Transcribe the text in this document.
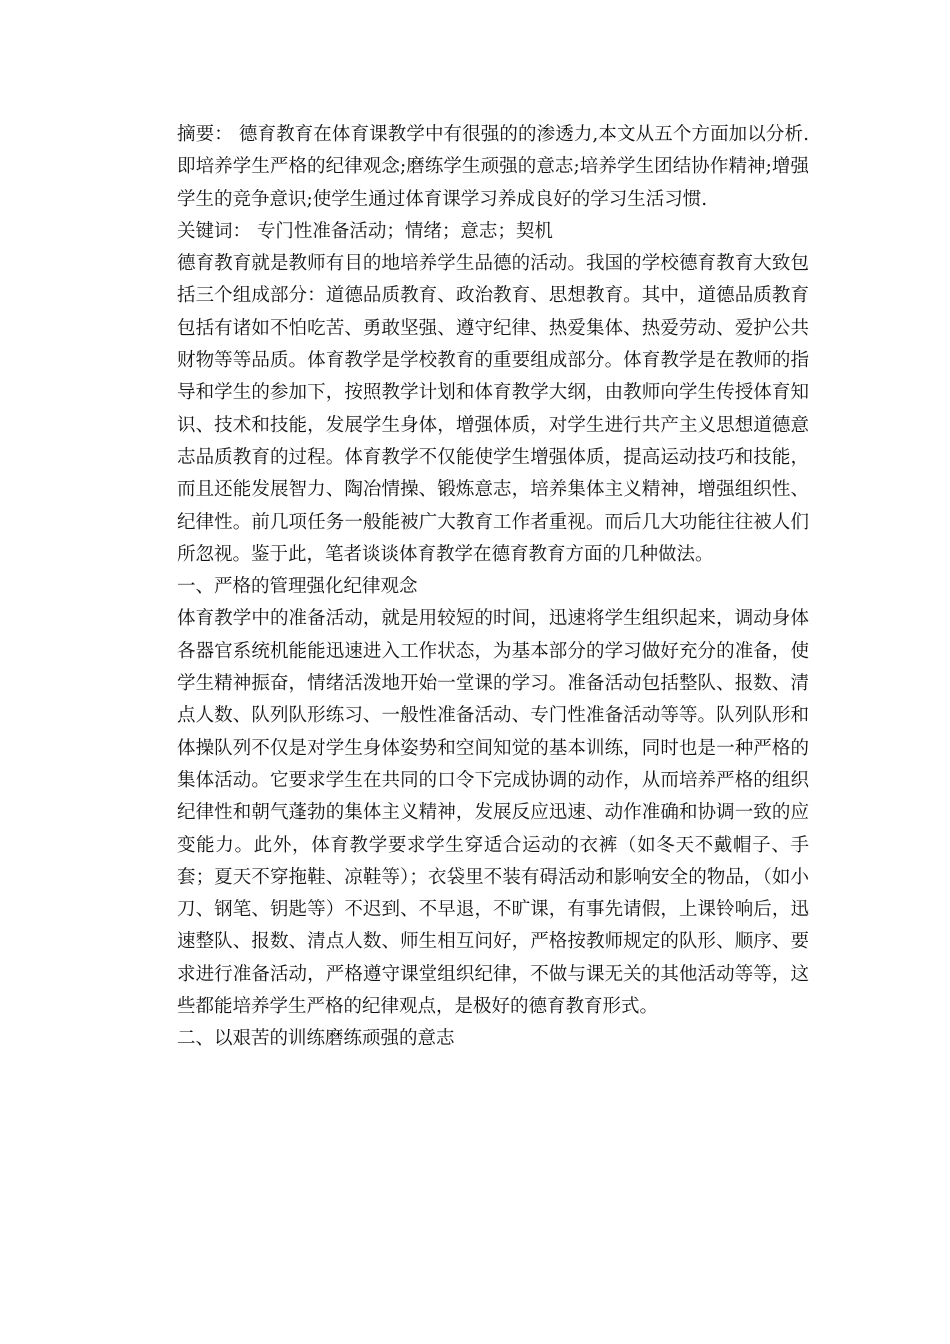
摘要： 德育教育在体育课教学中有很强的的渗透力,本文从五个方面加以分析.即培养学生严格的纪律观念;磨练学生顽强的意志;培养学生团结协作精神;增强学生的竞争意识;使学生通过体育课学习养成良好的学习生活习惯.

关键词： 专门性准备活动；情绪；意志；契机

德育教育就是教师有目的地培养学生品德的活动。我国的学校德育教育大致包括三个组成部分：道德品质教育、政治教育、思想教育。其中，道德品质教育包括有诸如不怕吃苦、勇敢坚强、遵守纪律、热爱集体、热爱劳动、爱护公共财物等等品质。体育教学是学校教育的重要组成部分。体育教学是在教师的指导和学生的参加下，按照教学计划和体育教学大纲，由教师向学生传授体育知识、技术和技能，发展学生身体，增强体质，对学生进行共产主义思想道德意志品质教育的过程。体育教学不仅能使学生增强体质，提高运动技巧和技能，而且还能发展智力、陶冶情操、锻炼意志，培养集体主义精神，增强组织性、纪律性。前几项任务一般能被广大教育工作者重视。而后几大功能往往被人们所忽视。鉴于此，笔者谈谈体育教学在德育教育方面的几种做法。

一、严格的管理强化纪律观念

体育教学中的准备活动，就是用较短的时间，迅速将学生组织起来，调动身体各器官系统机能能迅速进入工作状态，为基本部分的学习做好充分的准备，使学生精神振奋，情绪活泼地开始一堂课的学习。准备活动包括整队、报数、清点人数、队列队形练习、一般性准备活动、专门性准备活动等等。队列队形和体操队列不仅是对学生身体姿势和空间知觉的基本训练，同时也是一种严格的集体活动。它要求学生在共同的口令下完成协调的动作，从而培养严格的组织纪律性和朝气蓬勃的集体主义精神，发展反应迅速、动作准确和协调一致的应变能力。此外，体育教学要求学生穿适合运动的衣裤（如冬天不戴帽子、手套；夏天不穿拖鞋、凉鞋等）；衣袋里不装有碍活动和影响安全的物品，（如小刀、钢笔、钥匙等）不迟到、不早退，不旷课，有事先请假，上课铃响后，迅速整队、报数、清点人数、师生相互问好，严格按教师规定的队形、顺序、要求进行准备活动，严格遵守课堂组织纪律，不做与课无关的其他活动等等，这些都能培养学生严格的纪律观点，是极好的德育教育形式。

二、以艰苦的训练磨练顽强的意志
